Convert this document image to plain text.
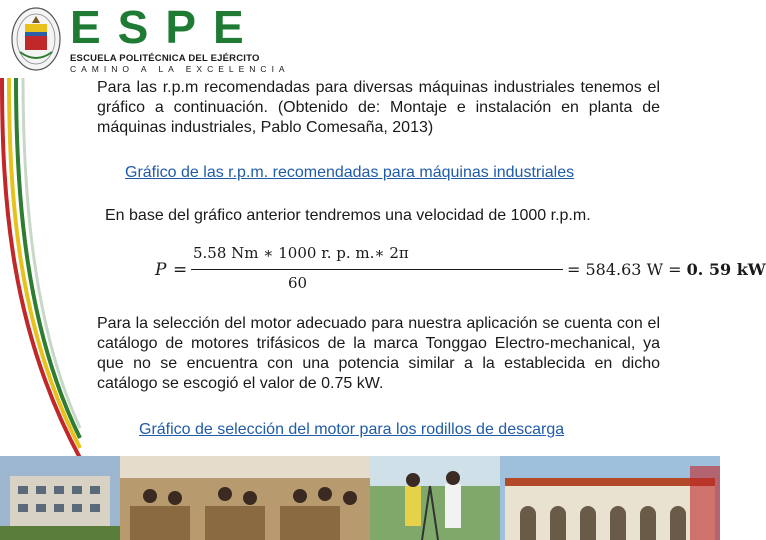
ESPE
ESCUELA POLITÉCNICA DEL EJÉRCITO
CAMINO A LA EXCELENCIA

Para las r.p.m recomendadas para diversas máquinas industriales tenemos el gráfico a continuación. (Obtenido de: Montaje e instalación en planta de máquinas industriales, Pablo Comesaña, 2013)

Gráfico de las r.p.m. recomendadas para máquinas industriales
En base del gráfico anterior tendremos una velocidad de 1000 r.p.m.
P =
5.58 Nm ∗ 1000 r. p. m.∗ 2π
60
= 584.63 W = 0. 59 kW

Para la selección del motor adecuado para nuestra aplicación se cuenta con el catálogo de motores trifásicos de la marca Tonggao Electro-mechanical, ya que no se encuentra con una potencia similar a la establecida en dicho catálogo se escogió el valor de 0.75 kW.

Gráfico de selección del motor para los rodillos de descarga
